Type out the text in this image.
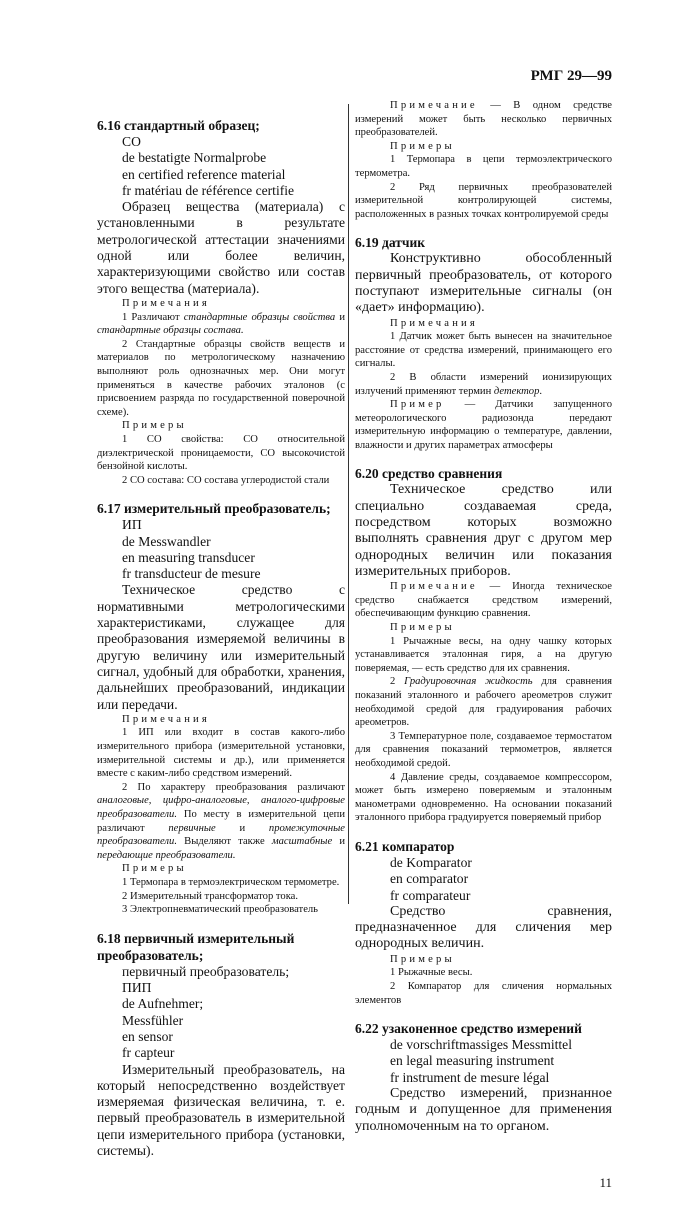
РМГ 29—99

6.16 стандартный образец;

СО
de bestatigte Normalprobe
en certified reference material
fr matériau de référence certifie
Образец вещества (материала) с установленными в результате метрологической аттестации значениями одной или более величин, характеризующими свойство или состав этого вещества (материала).
Примечания
1 Различают стандартные образцы свойства и стандартные образцы состава.
2 Стандартные образцы свойств веществ и материалов по метрологическому назначению выполняют роль однозначных мер. Они могут применяться в качестве рабочих эталонов (с присвоением разряда по государственной поверочной схеме).
Примеры
1 СО свойства: СО относительной диэлектрической проницаемости, СО высокочистой бензойной кислоты.
2 СО состава: СО состава углеродистой стали

6.17 измерительный преобразователь;

ИП
de Messwandler
en measuring transducer
fr transducteur de mesure
Техническое средство с нормативными метрологическими характеристиками, служащее для преобразования измеряемой величины в другую величину или измерительный сигнал, удобный для обработки, хранения, дальнейших преобразований, индикации или передачи.
Примечания
1 ИП или входит в состав какого-либо измерительного прибора (измерительной установки, измерительной системы и др.), или применяется вместе с каким-либо средством измерений.
2 По характеру преобразования различают аналоговые, цифро-аналоговые, аналого-цифровые преобразователи. По месту в измерительной цепи различают первичные и промежуточные преобразователи. Выделяют также масштабные и передающие преобразователи.
Примеры
1 Термопара в термоэлектрическом термометре.
2 Измерительный трансформатор тока.
3 Электропневматический преобразователь

6.18 первичный измерительный преобразователь;

первичный преобразователь;
ПИП
de Aufnehmer;
Messfühler
en sensor
fr capteur
Измерительный преобразователь, на который непосредственно воздействует измеряемая физическая величина, т. е. первый преобразователь в измерительной цепи измерительного прибора (установки, системы).
Примечание — В одном средстве измерений может быть несколько первичных преобразователей.
Примеры
1 Термопара в цепи термоэлектрического термометра.
2 Ряд первичных преобразователей измерительной контролирующей системы, расположенных в разных точках контролируемой среды

6.19 датчик

Конструктивно обособленный первичный преобразователь, от которого поступают измерительные сигналы (он «дает» информацию).
Примечания
1 Датчик может быть вынесен на значительное расстояние от средства измерений, принимающего его сигналы.
2 В области измерений ионизирующих излучений применяют термин детектор.
Пример — Датчики запущенного метеорологического радиозонда передают измерительную информацию о температуре, давлении, влажности и других параметрах атмосферы

6.20 средство сравнения

Техническое средство или специально создаваемая среда, посредством которых возможно выполнять сравнения друг с другом мер однородных величин или показания измерительных приборов.
Примечание — Иногда техническое средство снабжается средством измерений, обеспечивающим функцию сравнения.
Примеры
1 Рычажные весы, на одну чашку которых устанавливается эталонная гиря, а на другую поверяемая, — есть средство для их сравнения.
2 Градуировочная жидкость для сравнения показаний эталонного и рабочего ареометров служит необходимой средой для градуирования рабочих ареометров.
3 Температурное поле, создаваемое термостатом для сравнения показаний термометров, является необходимой средой.
4 Давление среды, создаваемое компрессором, может быть измерено поверяемым и эталонным манометрами одновременно. На основании показаний эталонного прибора градуируется поверяемый прибор

6.21 компаратор

de Komparator
en comparator
fr comparateur
Средство сравнения, предназначенное для сличения мер однородных величин.
Примеры
1 Рыжачные весы.
2 Компаратор для сличения нормальных элементов

6.22 узаконенное средство измерений

de vorschriftmassiges Messmittel
en legal measuring instrument
fr instrument de mesure légal
Средство измерений, признанное годным и допущенное для применения уполномоченным на то органом.
11
